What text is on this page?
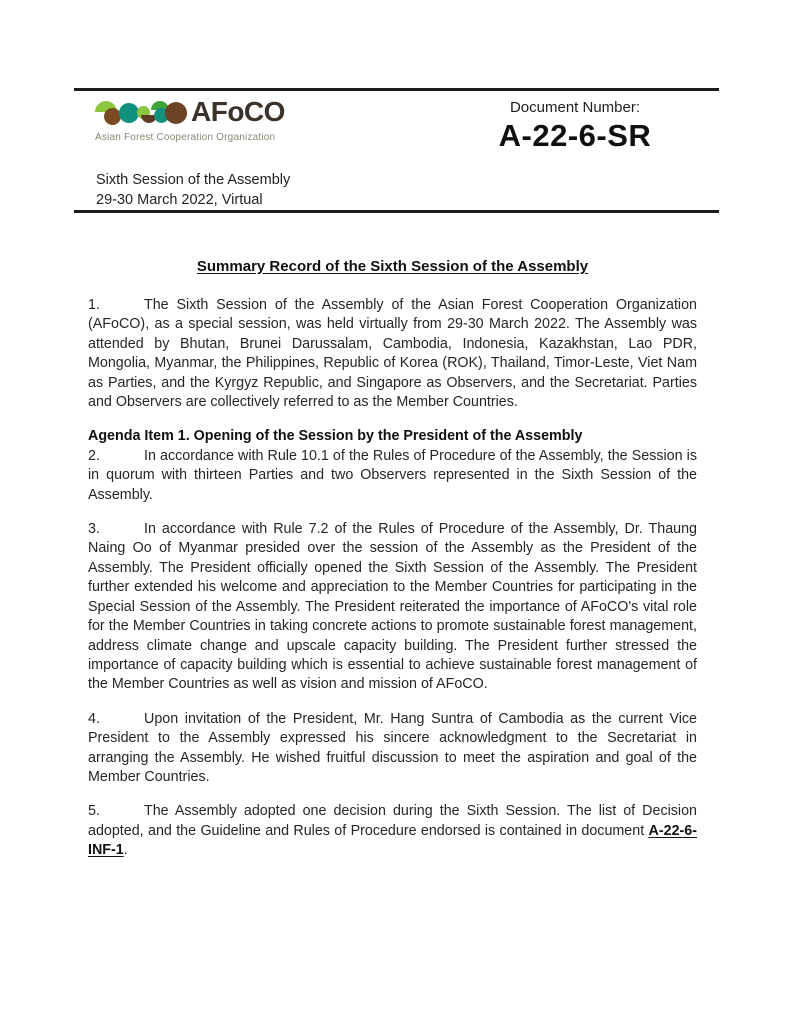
AFoCO
Asian Forest Cooperation Organization
Document Number:
A-22-6-SR
Sixth Session of the Assembly
29-30 March 2022, Virtual
Summary Record of the Sixth Session of the Assembly

1.	The Sixth Session of the Assembly of the Asian Forest Cooperation Organization (AFoCO), as a special session, was held virtually from 29-30 March 2022. The Assembly was attended by Bhutan, Brunei Darussalam, Cambodia, Indonesia, Kazakhstan, Lao PDR, Mongolia, Myanmar, the Philippines, Republic of Korea (ROK), Thailand, Timor-Leste, Viet Nam as Parties, and the Kyrgyz Republic, and Singapore as Observers, and the Secretariat. Parties and Observers are collectively referred to as the Member Countries.

Agenda Item 1. Opening of the Session by the President of the Assembly

2.	In accordance with Rule 10.1 of the Rules of Procedure of the Assembly, the Session is in quorum with thirteen Parties and two Observers represented in the Sixth Session of the Assembly.

3.	In accordance with Rule 7.2 of the Rules of Procedure of the Assembly, Dr. Thaung Naing Oo of Myanmar presided over the session of the Assembly as the President of the Assembly. The President officially opened the Sixth Session of the Assembly. The President further extended his welcome and appreciation to the Member Countries for participating in the Special Session of the Assembly. The President reiterated the importance of AFoCO's vital role for the Member Countries in taking concrete actions to promote sustainable forest management, address climate change and upscale capacity building. The President further stressed the importance of capacity building which is essential to achieve sustainable forest management of the Member Countries as well as vision and mission of AFoCO.

4.	Upon invitation of the President, Mr. Hang Suntra of Cambodia as the current Vice President to the Assembly expressed his sincere acknowledgment to the Secretariat in arranging the Assembly. He wished fruitful discussion to meet the aspiration and goal of the Member Countries.

5.	The Assembly adopted one decision during the Sixth Session. The list of Decision adopted, and the Guideline and Rules of Procedure endorsed is contained in document A-22-6-INF-1.
